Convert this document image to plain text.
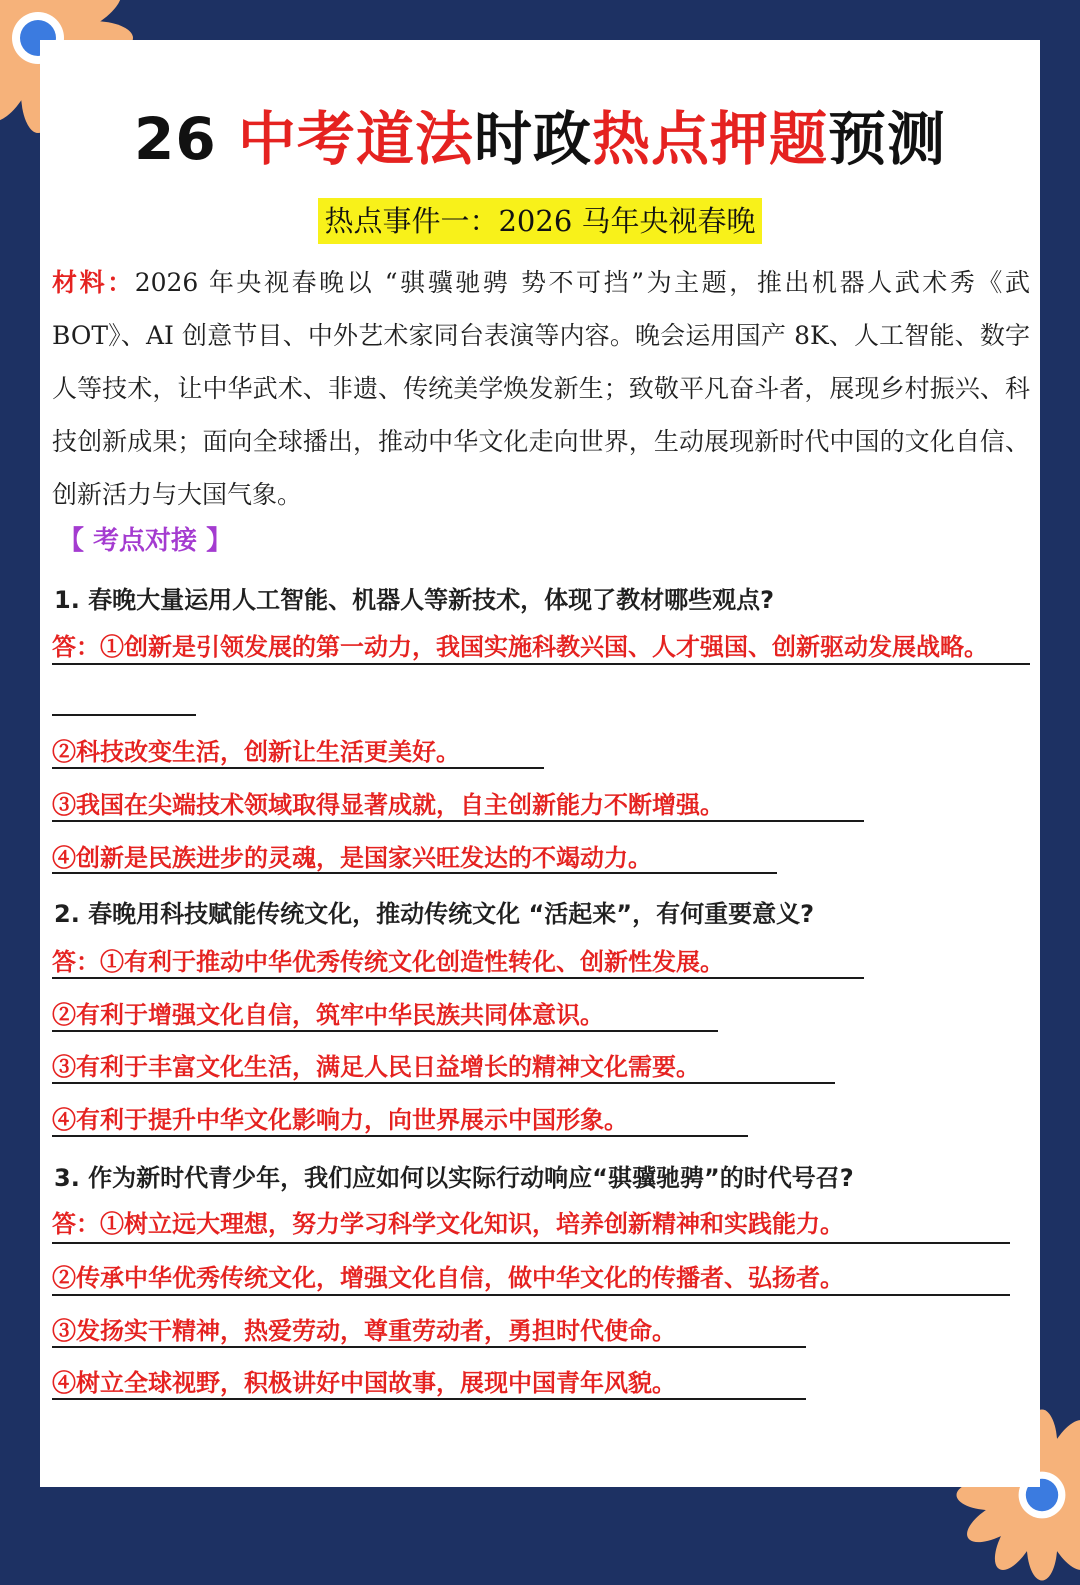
26 中考道法时政热点押题预测
热点事件一：2026 马年央视春晚

材料：2026 年央视春晚以 “骐骥驰骋 势不可挡”为主题，推出机器人武术秀《武 BOT》、AI 创意节目、中外艺术家同台表演等内容。晚会运用国产 8K、人工智能、数字人等技术，让中华武术、非遗、传统美学焕发新生；致敬平凡奋斗者，展现乡村振兴、科技创新成果；面向全球播出，推动中华文化走向世界，生动展现新时代中国的文化自信、创新活力与大国气象。

【 考点对接 】
1. 春晚大量运用人工智能、机器人等新技术，体现了教材哪些观点?
答：①创新是引领发展的第一动力，我国实施科教兴国、人才强国、创新驱动发展战略。
②科技改变生活，创新让生活更美好。
③我国在尖端技术领域取得显著成就，自主创新能力不断增强。
④创新是民族进步的灵魂，是国家兴旺发达的不竭动力。
2. 春晚用科技赋能传统文化，推动传统文化 “活起来”，有何重要意义?
答：①有利于推动中华优秀传统文化创造性转化、创新性发展。
②有利于增强文化自信，筑牢中华民族共同体意识。
③有利于丰富文化生活，满足人民日益增长的精神文化需要。
④有利于提升中华文化影响力，向世界展示中国形象。
3. 作为新时代青少年，我们应如何以实际行动响应“骐骥驰骋”的时代号召?
答：①树立远大理想，努力学习科学文化知识，培养创新精神和实践能力。
②传承中华优秀传统文化，增强文化自信，做中华文化的传播者、弘扬者。
③发扬实干精神，热爱劳动，尊重劳动者，勇担时代使命。
④树立全球视野，积极讲好中国故事，展现中国青年风貌。
